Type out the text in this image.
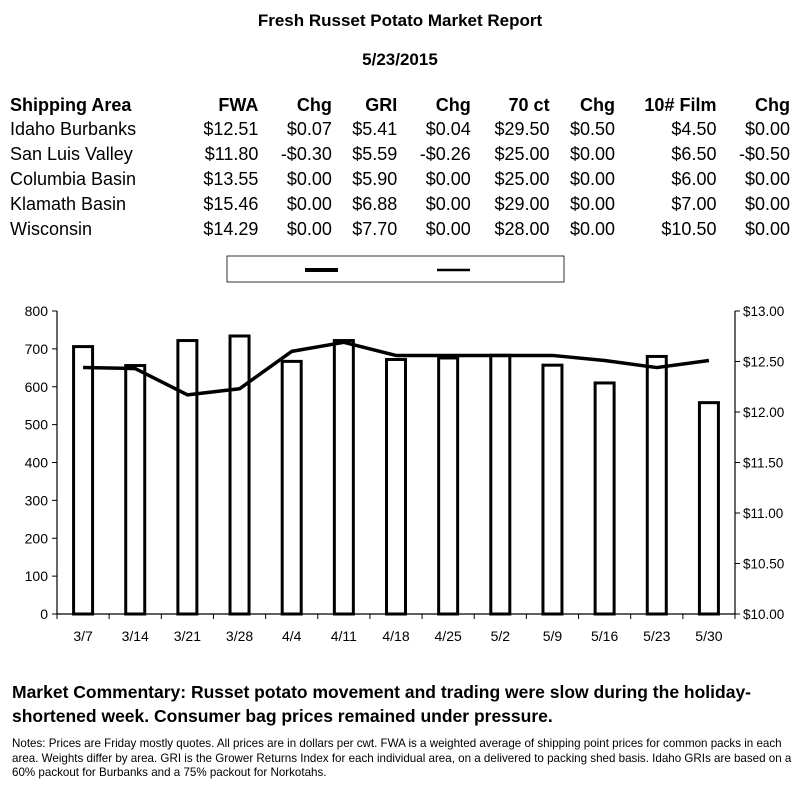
Fresh Russet Potato Market Report
5/23/2015
Shipping Area	FWA	Chg	GRI	Chg	70 ct	Chg	10# Film	Chg
Idaho Burbanks	$12.51	$0.07	$5.41	$0.04	$29.50	$0.50	$4.50	$0.00
San Luis Valley	$11.80	-$0.30	$5.59	-$0.26	$25.00	$0.00	$6.50	-$0.50
Columbia Basin	$13.55	$0.00	$5.90	$0.00	$25.00	$0.00	$6.00	$0.00
Klamath Basin	$15.46	$0.00	$6.88	$0.00	$29.00	$0.00	$7.00	$0.00
Wisconsin	$14.29	$0.00	$7.70	$0.00	$28.00	$0.00	$10.50	$0.00
0
100
200
300
400
500
600
700
800
$10.00
$10.50
$11.00
$11.50
$12.00
$12.50
$13.00
3/7 3/14 3/21 3/28 4/4 4/11 4/18 4/25 5/2 5/9 5/16 5/23 5/30
Market Commentary: Russet potato movement and trading were slow during the holiday-shortened week. Consumer bag prices remained under pressure.
Notes: Prices are Friday mostly quotes. All prices are in dollars per cwt. FWA is a weighted average of shipping point prices for common packs in each area. Weights differ by area. GRI is the Grower Returns Index for each individual area, on a delivered to packing shed basis. Idaho GRIs are based on a 60% packout for Burbanks and a 75% packout for Norkotahs.
